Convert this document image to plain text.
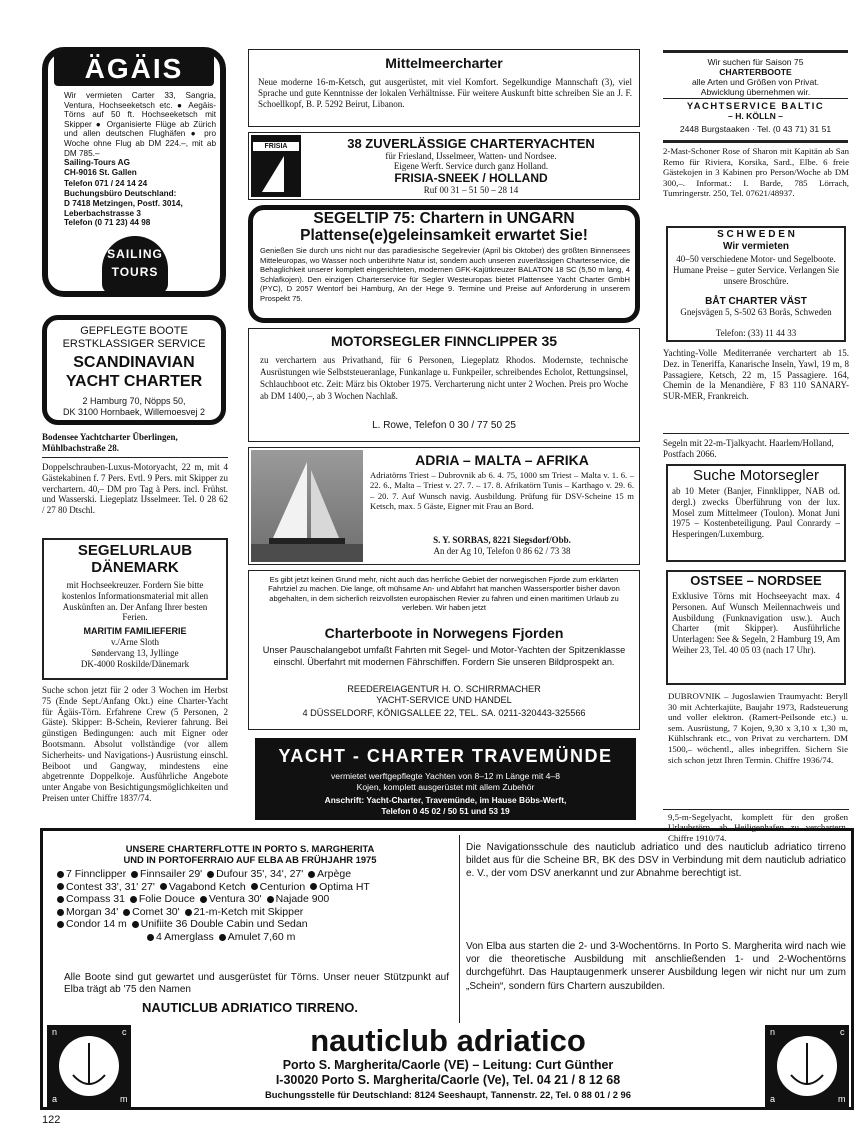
ÄGÄIS
Wir vermieten Carter 33, Sangria, Ventura, Hochseeketsch etc. ● Aegäis-Törns auf 50 ft. Hochseeketsch mit Skipper ● Organisierte Flüge ab Zürich und allen deutschen Flughäfen ● pro Woche ohne Flug ab DM 224.–, mit ab DM 785.–
Sailing-Tours AG
CH-9016 St. Gallen
Telefon 071 / 24 14 24
Buchungsbüro Deutschland:
D 7418 Metzingen, Postf. 3014, Leberbachstrasse 3
Telefon (0 71 23) 44 98
SAILING
TOURS
GEPFLEGTE BOOTE
ERSTKLASSIGER SERVICE
SCANDINAVIAN
YACHT CHARTER
2 Hamburg 70, Nöpps 50,
DK 3100 Hornbaek, Willemoesvej 2
Bodensee Yachtcharter Überlingen, Mühlbachstraße 28.
Doppelschrauben-Luxus-Motoryacht, 22 m, mit 4 Gästekabinen f. 7 Pers. Evtl. 9 Pers. mit Skipper zu verchartern. 40,– DM pro Tag à Pers. incl. Frühst. und Wasserski. Liegeplatz IJsselmeer. Tel. 0 28 62 / 27 80 Dtschl.
SEGELURLAUB
DÄNEMARK
mit Hochseekreuzer. Fordern Sie bitte kostenlos Informationsmaterial mit allen Auskünften an. Der Anfang Ihrer besten Ferien.
MARITIM FAMILIEFERIE
v./Arne Sloth
Søndervang 13, Jyllinge
DK-4000 Roskilde/Dänemark
Suche schon jetzt für 2 oder 3 Wochen im Herbst 75 (Ende Sept./Anfang Okt.) eine Charter-Yacht für Ägäis-Törn. Erfahrene Crew (5 Personen, 2 Gäste). Skipper: B-Schein, Revierer fahrung. Bei günstigen Bedingungen: auch mit Eigner oder Bootsmann. Absolut vollständige (vor allem Sicherheits- und Navigations-) Ausrüstung einschl. Beiboot und Gangway, mindestens eine abgetrennte Doppelkoje. Ausführliche Angebote unter Angabe von Besichtigungsmöglichkeiten und Preisen unter Chiffre 1837/74.
Mittelmeercharter
Neue moderne 16-m-Ketsch, gut ausgerüstet, mit viel Komfort. Segelkundige Mannschaft (3), viel Sprache und gute Kenntnisse der lokalen Verhältnisse. Für weitere Auskunft bitte schreiben Sie an J. F. Schoellkopf, B. P. 5292 Beirut, Libanon.
FRISIA	38 ZUVERLÄSSIGE CHARTERYACHTEN
für Friesland, IJsselmeer, Watten- und Nordsee.
Eigene Werft. Service durch ganz Holland.
FRISIA-SNEEK / HOLLAND
Ruf 00 31 – 51 50 – 28 14
SEGELTIP 75: Chartern in UNGARN
Plattense(e)geleinsamkeit erwartet Sie!
Genießen Sie durch uns nicht nur das paradiesische Segelrevier (April bis Oktober) des größten Binnensees Mitteleuropas, wo Wasser noch unberührte Natur ist, sondern auch unseren zuverlässigen Charterservice, die Behaglichkeit unserer komplett eingerichteten, modernen GFK-Kajütkreuzer BALATON 18 SC (5,50 m lang, 4 Schlafkojen). Den einzigen Charterservice für Segler Westeuropas bietet Plattensee Yacht Charter GmbH (PYC), D 2057 Wentorf bei Hamburg, An der Hege 9. Termine und Preise auf Anforderung in unserem Prospekt 75.
MOTORSEGLER FINNCLIPPER 35
zu verchartern aus Privathand, für 6 Personen, Liegeplatz Rhodos. Modernste, technische Ausrüstungen wie Selbststeueranlage, Funkanlage u. Funkpeiler, schreibendes Echolot, Rettungsinsel, Schlauchboot etc. Zeit: März bis Oktober 1975. Vercharterung nicht unter 2 Wochen. Preis pro Woche ab DM 1400,–, ab 3 Wochen Nachlaß.
L. Rowe, Telefon 0 30 / 77 50 25
ADRIA – MALTA – AFRIKA
Adriatörns Triest – Dubrovnik ab 6. 4. 75, 1000 sm Triest – Malta v. 1. 6. – 22. 6., Malta – Triest v. 27. 7. – 17. 8. Afrikatörn Tunis – Karthago v. 29. 6. – 20. 7. Auf Wunsch navig. Ausbildung. Prüfung für DSV-Scheine 15 m Ketsch, max. 5 Gäste, Eigner mit Frau an Bord.
S. Y. SORBAS, 8221 Siegsdorf/Obb.
An der Ag 10, Telefon 0 86 62 / 73 38
Es gibt jetzt keinen Grund mehr, nicht auch das herrliche Gebiet der norwegischen Fjorde zum erklärten Fahrtziel zu machen. Die lange, oft mühsame An- und Abfahrt hat manchen Wassersportler bisher davon abgehalten, in dem sicherlich reizvollsten europäischen Revier zu fahren und einen maritimen Urlaub zu verleben. Wir haben jetzt
Charterboote in Norwegens Fjorden
Unser Pauschalangebot umfaßt Fahrten mit Segel- und Motor-Yachten der Spitzenklasse einschl. Überfahrt mit modernen Fährschiffen. Fordern Sie unseren Bildprospekt an.
REEDEREIAGENTUR H. O. SCHIRRMACHER
YACHT-SERVICE UND HANDEL
4 DÜSSELDORF, KÖNIGSALLEE 22, TEL. SA. 0211-320443-325566
YACHT - CHARTER TRAVEMÜNDE
vermietet werftgepflegte Yachten von 8–12 m Länge mit 4–8
Kojen, komplett ausgerüstet mit allem Zubehör
Anschrift: Yacht-Charter, Travemünde, im Hause Böbs-Werft,
Telefon 0 45 02 / 50 51 und 53 19
Wir suchen für Saison 75
CHARTERBOOTE
alle Arten und Größen von Privat.
Abwicklung übernehmen wir.
YACHTSERVICE BALTIC
– H. KÖLLN –
2448 Burgstaaken · Tel. (0 43 71) 31 51
2-Mast-Schoner Rose of Sharon mit Kapitän ab San Remo für Riviera, Korsika, Sard., Elbe. 6 freie Gästekojen in 3 Kabinen pro Person/Woche ab DM 300,–. Informat.: I. Barde, 785 Lörrach, Tumringerstr. 250, Tel. 07621/48937.
S C H W E D E N
Wir vermieten
40–50 verschiedene Motor- und Segelboote. Humane Preise – guter Service. Verlangen Sie unsere Broschüre.
BÅT CHARTER VÄST
Gnejsvägen 5, S-502 63 Borås, Schweden
Telefon: (33) 11 44 33
Yachting-Volle Mediterranée verchartert ab 15. Dez. in Teneriffa, Kanarische Inseln, Yawl, 19 m, 8 Passagiere, Ketsch, 22 m, 15 Passagiere. 164, Chemin de la Menandière, F 83 110 SANARY-SUR-MER, Frankreich.
Segeln mit 22-m-Tjalkyacht. Haarlem/Holland, Postfach 2066.
Suche Motorsegler
ab 10 Meter (Banjer, Finnklipper, NAB od. dergl.) zwecks Überführung von der lux. Mosel zum Mittelmeer (Toulon). Monat Juni 1975 – Kostenbeteiligung. Paul Conrardy – Hesperingen/Luxemburg.
OSTSEE – NORDSEE
Exklusive Törns mit Hochseeyacht max. 4 Personen. Auf Wunsch Meilennachweis und Ausbildung (Funknavigation usw.). Auch Charter (mit Skipper). Ausführliche Unterlagen: See & Segeln, 2 Hamburg 19, Am Weiher 23, Tel. 40 05 03 (nach 17 Uhr).
DUBROVNIK – Jugoslawien Traumyacht: Beryll 30 mit Achterkajüte, Baujahr 1973, Radsteuerung und voller elektron. (Ramert-Peilsonde etc.) u. sem. Ausrüstung, 7 Kojen, 9,30 x 3,10 x 1,30 m, Kühlschrank etc., von Privat zu verchartern. DM 1500,– wöchentl., alles inbegriffen. Sichern Sie sich schon jetzt Ihren Termin. Chiffre 1936/74.
9,5-m-Segelyacht, komplett für den großen Urlaubstörn, ab Heiligenhafen zu verchartern. Chiffre 1910/74.
UNSERE CHARTERFLOTTE IN PORTO S. MARGHERITA
UND IN PORTOFERRAIO AUF ELBA AB FRÜHJAHR 1975
7 Finnclipper Finnsailer 29' Dufour 35', 34', 27' Arpège
Contest 33', 31' 27' Vagabond Ketch Centurion Optima HT
Compass 31 Folie Douce Ventura 30' Najade 900
Morgan 34' Comet 30' 21-m-Ketch mit Skipper
Condor 14 m Unifiite 36 Double Cabin und Sedan
4 Amerglass Amulet 7,60 m
Alle Boote sind gut gewartet und ausgerüstet für Törns. Unser neuer Stützpunkt auf Elba trägt ab '75 den Namen
NAUTICLUB ADRIATICO TIRRENO.
Die Navigationsschule des nauticlub adriatico und des nauticlub adriatico tirreno bildet aus für die Scheine BR, BK des DSV in Verbindung mit dem nauticlub adriatico e. V., der vom DSV anerkannt und zur Abnahme berechtigt ist.
Von Elba aus starten die 2- und 3-Wochentörns. In Porto S. Margherita wird nach wie vor die theoretische Ausbildung mit anschließenden 1- und 2-Wochentörns durchgeführt. Das Hauptaugenmerk unserer Ausbildung legen wir nicht nur um zum „Schein“, sondern fürs Chartern auszubilden.
n	c
a	m
n	c
a	m
nauticlub adriatico
Porto S. Margherita/Caorle (VE) – Leitung: Curt Günther
I-30020 Porto S. Margherita/Caorle (Ve), Tel. 04 21 / 8 12 68
Buchungsstelle für Deutschland: 8124 Seeshaupt, Tannenstr. 22, Tel. 0 88 01 / 2 96
122
